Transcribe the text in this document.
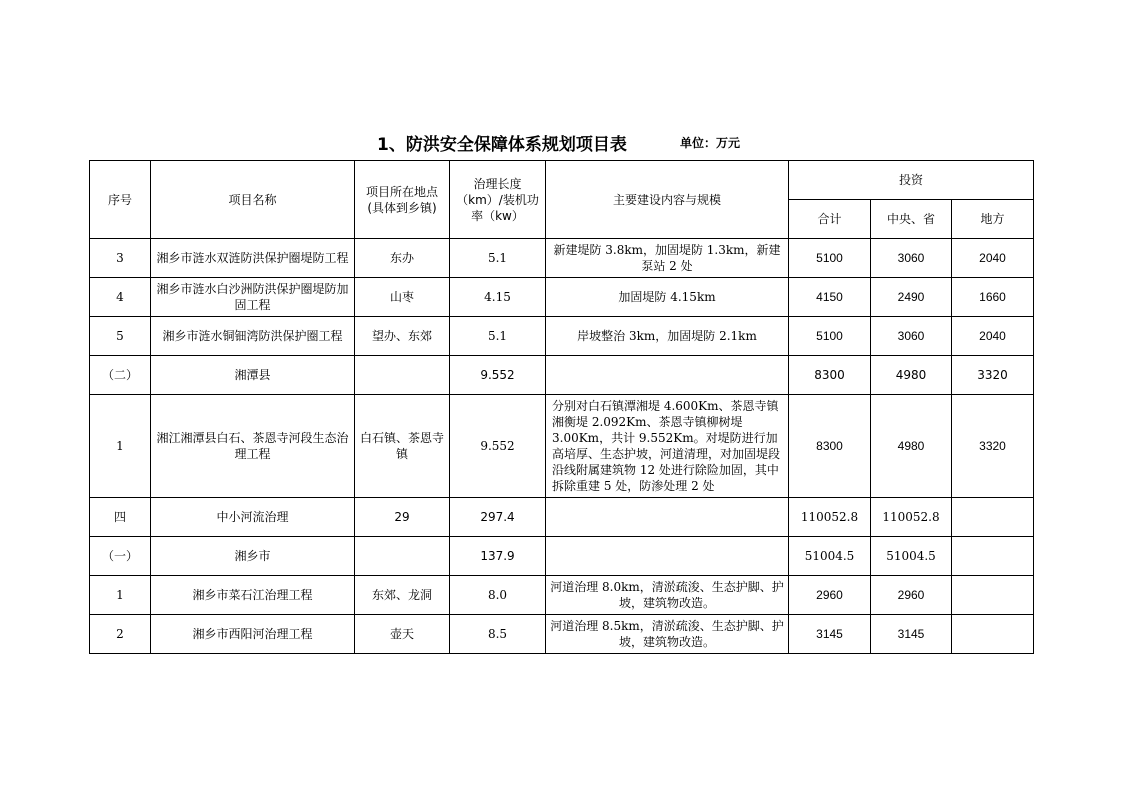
1、防洪安全保障体系规划项目表	单位：万元
序号	项目名称	项目所在地点(具体到乡镇)	治理长度（km）/装机功率（kw）	主要建设内容与规模	投资		
					合计	中央、省	地方
3	湘乡市涟水双涟防洪保护圈堤防工程	东办	5.1	新建堤防 3.8km，加固堤防 1.3km，新建泵站 2 处	5100	3060	2040
4	湘乡市涟水白沙洲防洪保护圈堤防加固工程	山枣	4.15	加固堤防 4.15km	4150	2490	1660
5	湘乡市涟水铜钿湾防洪保护圈工程	望办、东郊	5.1	岸坡整治 3km，加固堤防 2.1km	5100	3060	2040
（二）	湘潭县		9.552		8300	4980	3320
1	湘江湘潭县白石、茶恩寺河段生态治理工程	白石镇、茶恩寺镇	9.552	分别对白石镇潭湘堤 4.600Km、茶恩寺镇湘衡堤 2.092Km、茶恩寺镇柳树堤 3.00Km，共计 9.552Km。对堤防进行加高培厚、生态护坡，河道清理，对加固堤段沿线附属建筑物 12 处进行除险加固，其中拆除重建 5 处，防渗处理 2 处	8300	4980	3320
四	中小河流治理	29	297.4		110052.8	110052.8	
（一）	湘乡市		137.9		51004.5	51004.5	
1	湘乡市菜石江治理工程	东郊、龙洞	8.0	河道治理 8.0km，清淤疏浚、生态护脚、护坡，建筑物改造。	2960	2960	
2	湘乡市西阳河治理工程	壶天	8.5	河道治理 8.5km，清淤疏浚、生态护脚、护坡，建筑物改造。	3145	3145	
